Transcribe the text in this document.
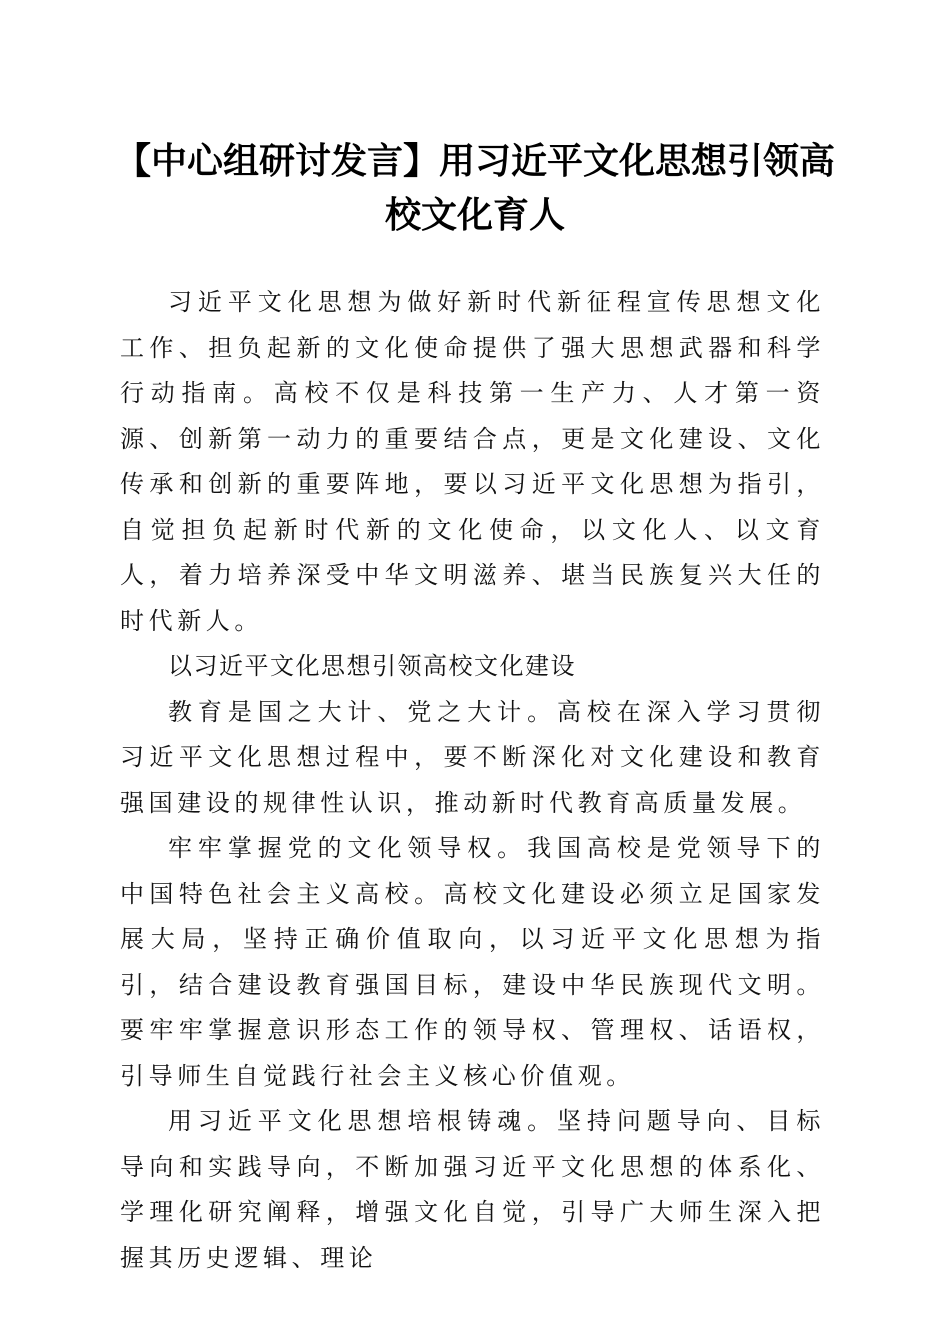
【中心组研讨发言】用习近平文化思想引领高校文化育人

习近平文化思想为做好新时代新征程宣传思想文化工作、担负起新的文化使命提供了强大思想武器和科学行动指南。高校不仅是科技第一生产力、人才第一资源、创新第一动力的重要结合点，更是文化建设、文化传承和创新的重要阵地，要以习近平文化思想为指引，自觉担负起新时代新的文化使命，以文化人、以文育人，着力培养深受中华文明滋养、堪当民族复兴大任的时代新人。

以习近平文化思想引领高校文化建设

教育是国之大计、党之大计。高校在深入学习贯彻习近平文化思想过程中，要不断深化对文化建设和教育强国建设的规律性认识，推动新时代教育高质量发展。

牢牢掌握党的文化领导权。我国高校是党领导下的中国特色社会主义高校。高校文化建设必须立足国家发展大局，坚持正确价值取向，以习近平文化思想为指引，结合建设教育强国目标，建设中华民族现代文明。要牢牢掌握意识形态工作的领导权、管理权、话语权，引导师生自觉践行社会主义核心价值观。

用习近平文化思想培根铸魂。坚持问题导向、目标导向和实践导向，不断加强习近平文化思想的体系化、学理化研究阐释，增强文化自觉，引导广大师生深入把握其历史逻辑、理论
